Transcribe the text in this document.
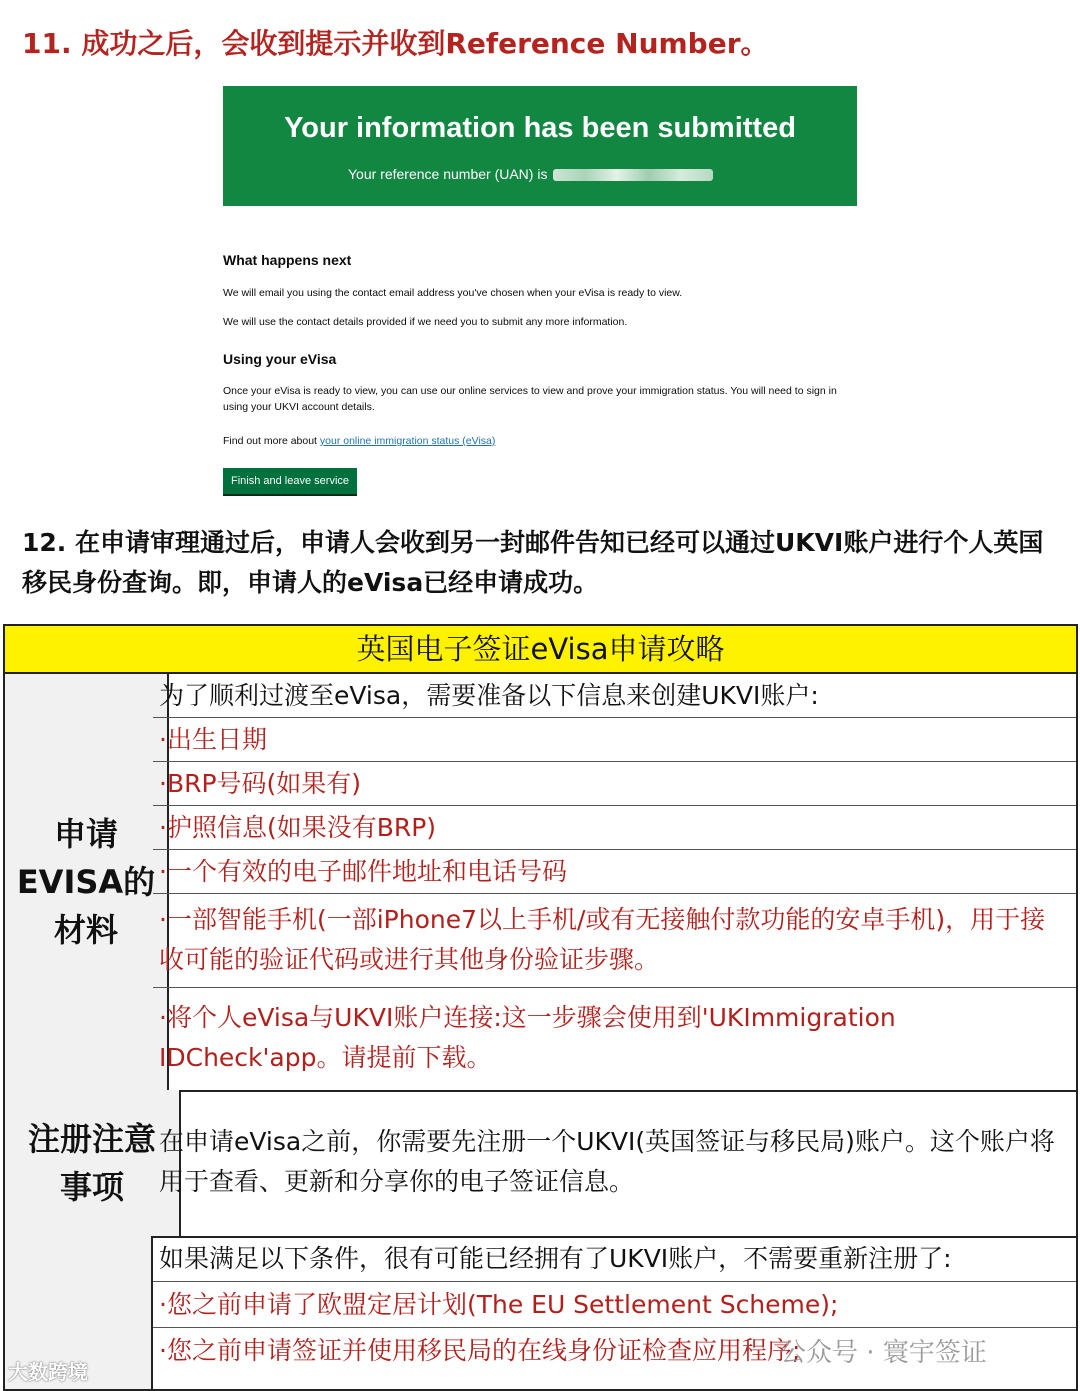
11. 成功之后，会收到提示并收到Reference Number。
Your information has been submitted
Your reference number (UAN) is
What happens next
We will email you using the contact email address you've chosen when your eVisa is ready to view.
We will use the contact details provided if we need you to submit any more information.
Using your eVisa
Once your eVisa is ready to view, you can use our online services to view and prove your immigration status. You will need to sign in using your UKVI account details.
Find out more about your online immigration status (eVisa)
Finish and leave service
12. 在申请审理通过后，申请人会收到另一封邮件告知已经可以通过UKVI账户进行个人英国移民身份查询。即，申请人的eVisa已经申请成功。
英国电子签证eVisa申请攻略
申请EVISA的材料
为了顺利过渡至eVisa，需要准备以下信息来创建UKVI账户:
·出生日期
·BRP号码(如果有)
·护照信息(如果没有BRP)
·一个有效的电子邮件地址和电话号码
·一部智能手机(一部iPhone7以上手机/或有无接触付款功能的安卓手机)，用于接收可能的验证代码或进行其他身份验证步骤。
·将个人eVisa与UKVI账户连接:这一步骤会使用到'UKImmigration IDCheck'app。请提前下载。
注册注意事项
在申请eVisa之前，你需要先注册一个UKVI(英国签证与移民局)账户。这个账户将用于查看、更新和分享你的电子签证信息。
如果满足以下条件，很有可能已经拥有了UKVI账户，不需要重新注册了:
·您之前申请了欧盟定居计划(The EU Settlement Scheme);
·您之前申请签证并使用移民局的在线身份证检查应用程序;
大数跨境
公众号 · 寰宇签证
